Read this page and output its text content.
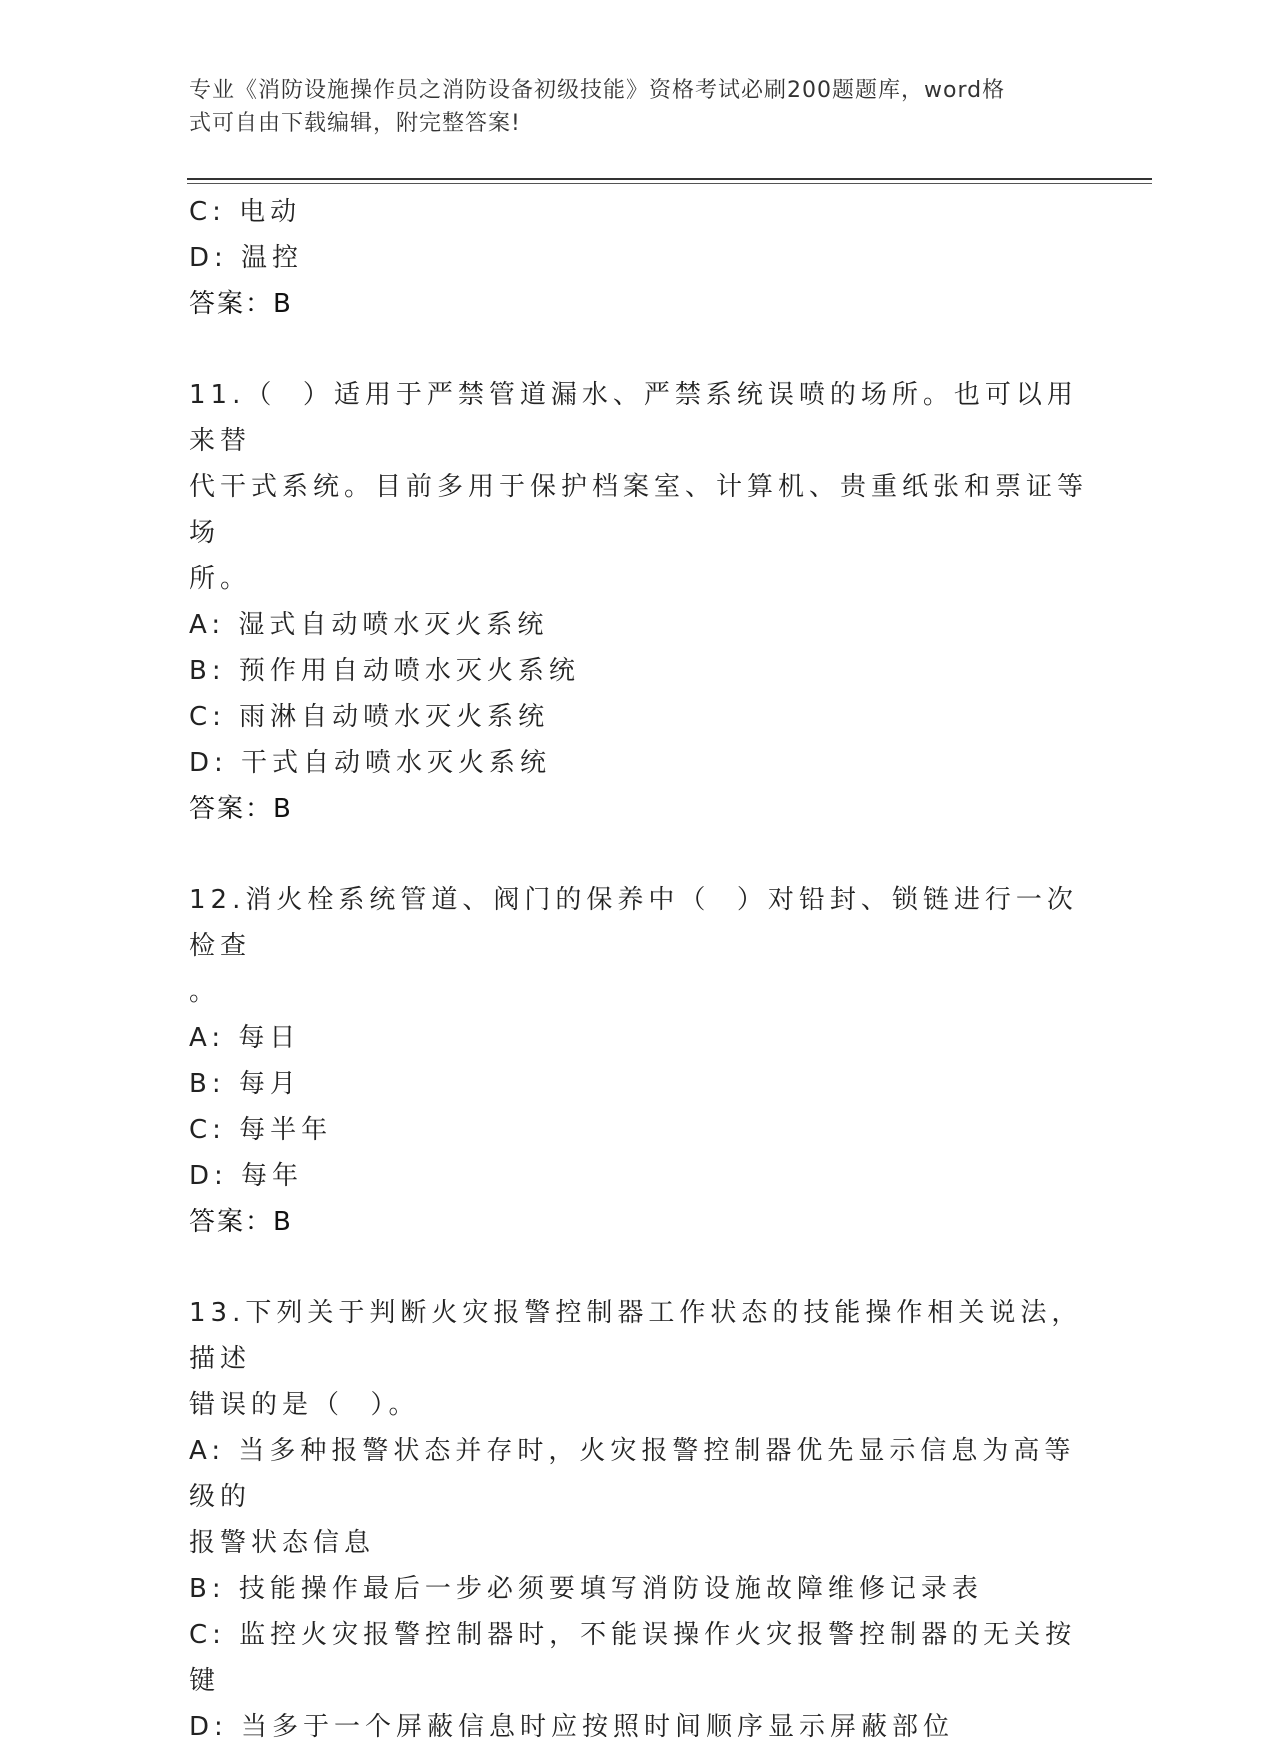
专业《消防设施操作员之消防设备初级技能》资格考试必刷200题题库，word格
式可自由下载编辑，附完整答案!

C: 电动

D: 温控

答案：B

11.（  ）适用于严禁管道漏水、严禁系统误喷的场所。也可以用来替

代干式系统。目前多用于保护档案室、计算机、贵重纸张和票证等场

所。

A: 湿式自动喷水灭火系统

B: 预作用自动喷水灭火系统

C: 雨淋自动喷水灭火系统

D: 干式自动喷水灭火系统

答案：B

12.消火栓系统管道、阀门的保养中（  ）对铅封、锁链进行一次检查

。

A: 每日

B: 每月

C: 每半年

D: 每年

答案：B

13.下列关于判断火灾报警控制器工作状态的技能操作相关说法，描述

错误的是（  ）。

A: 当多种报警状态并存时，火灾报警控制器优先显示信息为高等级的

报警状态信息

B: 技能操作最后一步必须要填写消防设施故障维修记录表

C: 监控火灾报警控制器时，不能误操作火灾报警控制器的无关按键

D: 当多于一个屏蔽信息时应按照时间顺序显示屏蔽部位
